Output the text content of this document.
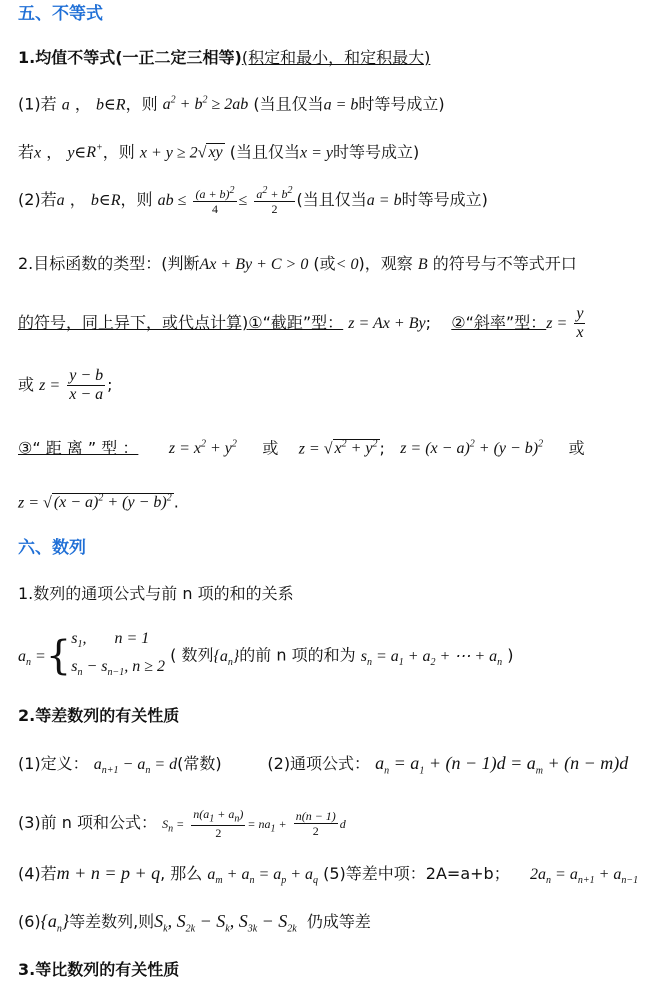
五、不等式
1.均值不等式(一正二定三相等)(积定和最小，和定积最大)
(1)若 a ， b∈R，则 $a^2 + b^2 \ge 2ab$ (当且仅当a = b时等号成立)
若x ， y∈R+，则 x + y ≥ 2√ xy (当且仅当x = y时等号成立)
(2)若a ， b∈R，则 ab ≤ $\frac{(a + b)^2}{4} \le \frac{a^2 + b^2}{2}$ (当且仅当a = b时等号成立)
2.目标函数的类型：(判断Ax + By + C > 0 (或< 0)，观察 B 的符号与不等式开口
的符号，同上异下，或代点计算)①“截距”型： z = Ax + By;    ②“斜率”型：$z = \frac{y}{x}$
或 $z = \frac{y - b}{x - a}$ ;
③“ 距 离 ” 型 ： $z = x^2 + y^2$ 或 z = √ $x^2 + y^2$ ;   $z = (x - a)^2 + (y - b)^2$ 或
z = √ $(x - a)^2 + (y - b)^2$ .
六、数列
1.数列的通项公式与前 n 项的和的关系
$a_n$ ={ $s_1$,       n = 1
$s_n - s_{n-1}$, n ≥ 2
( 数列$\{a_n\}$的前 n 项的和为 $s_n = a_1 + a_2$ + ⋯ + $a_n$ )
2.等差数列的有关性质
(1)定义： $a_{n+1} - a_n = d$(常数)	(2)通项公式： $a_n = a_1 + (n - 1)d = a_m + (n - m)d$
(3)前 n 项和公式： $S_n = \frac{n(a_1 + a_n)}{2} = na_1 + \frac{n(n - 1)}{2}$ d
(4)若m + n = p + q, 那么 $a_m + a_n = a_p + a_q$ (5)等差中项：2A=a+b； $2a_n = a_{n+1} + a_{n-1}$
$(6)\{a_n\}$等差数列,则$S_k$, $S_{2k} - S_k$, $S_{3k} - S_{2k}$ 仍成等差
3.等比数列的有关性质
